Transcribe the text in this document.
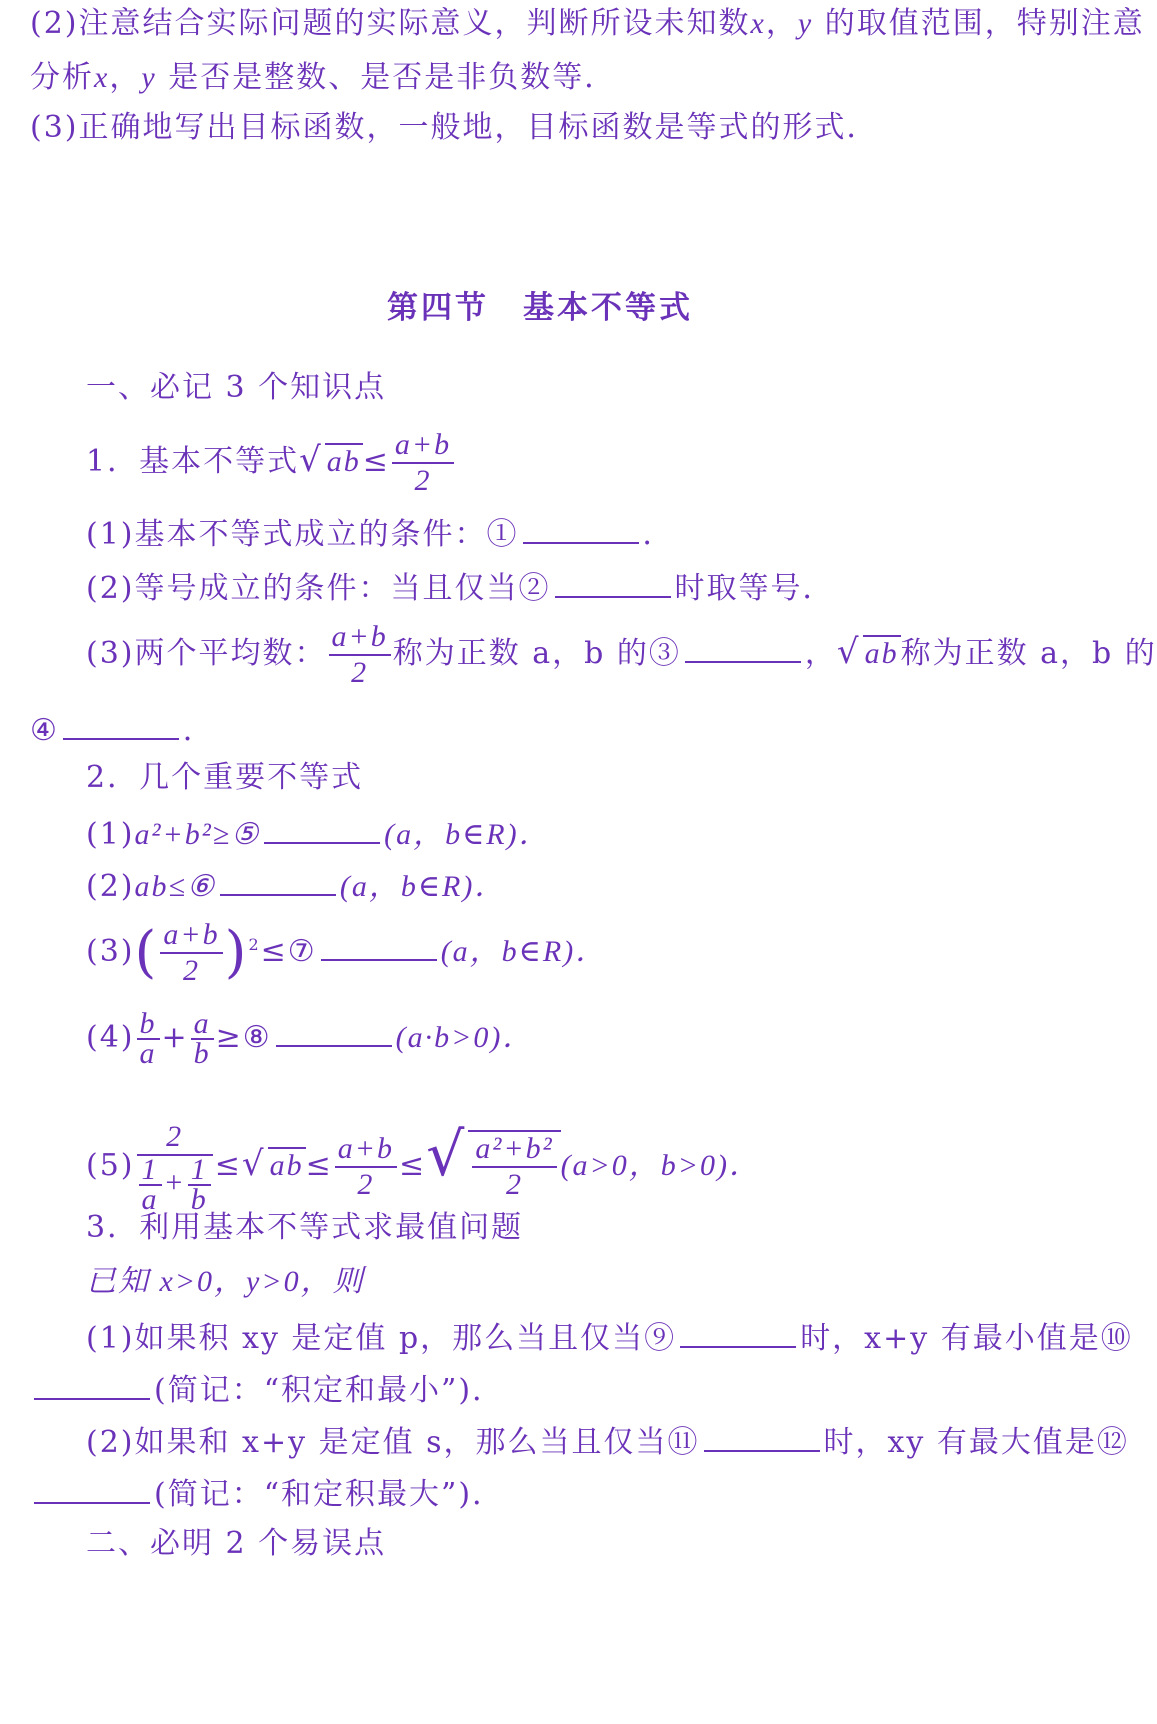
(2)注意结合实际问题的实际意义，判断所设未知数x，y 的取值范围，特别注意
分析x，y 是否是整数、是否是非负数等．
(3)正确地写出目标函数，一般地，目标函数是等式的形式．
第四节　基本不等式
一、必记 3 个知识点
1．基本不等式√ $ab\le \frac{a+b}{2}$
(1)基本不等式成立的条件：①	．
(2)等号成立的条件：当且仅当②	时取等号．
(3)两个平均数： $\frac{a+b}{2}$ 称为正数 a，b 的③	，√ ab称为正数 a，b 的
④	．
2．几个重要不等式
(1)a²+b²≥⑤	(a，b∈R)．
(2)ab≤⑥	(a，b∈R)．
$(3)( \frac{a+b}{2}$ )$^2\le ⑦$	(a，b∈R)．
$(4) \frac{b}{a} + \frac{a}{b}$ ≥⑧	(a·b>0)．
$(5) \frac{2}{\frac{1}{a} + \frac{1}{b}}$ ≤√ $ab\le \frac{a+b}{2}$ ≤√ $\frac{\text{a²+b²}}{2} (a>0$，b>0)．
3．利用基本不等式求最值问题
已知 x>0，y>0，则
(1)如果积 xy 是定值 p，那么当且仅当⑨	时，x+y 有最小值是⑩
(简记：“积定和最小”)．
(2)如果和 x+y 是定值 s，那么当且仅当⑪	时，xy 有最大值是⑫
(简记：“和定积最大”)．
二、必明 2 个易误点
